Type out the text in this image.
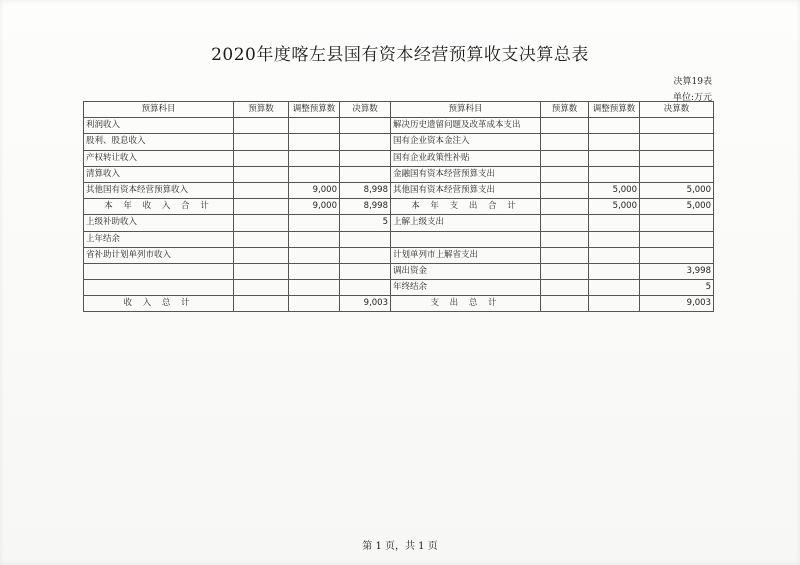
2020年度喀左县国有资本经营预算收支决算总表
决算19表
单位:万元
预算科目	预算数	调整预算数	决算数	预算科目	预算数	调整预算数	决算数
利润收入				解决历史遗留问题及改革成本支出			
股利、股息收入				国有企业资本金注入			
产权转让收入				国有企业政策性补贴			
清算收入				金融国有资本经营预算支出			
其他国有资本经营预算收入		9,000	8,998	其他国有资本经营预算支出		5,000	5,000
本 年 收 入 合 计		9,000	8,998	本 年 支 出 合 计		5,000	5,000
上级补助收入			5	上解上级支出			
上年结余							
省补助计划单列市收入				计划单列市上解省支出			
				调出资金			3,998
				年终结余			5
收 入 总 计			9,003	支 出 总 计			9,003
第 1 页，共 1 页
